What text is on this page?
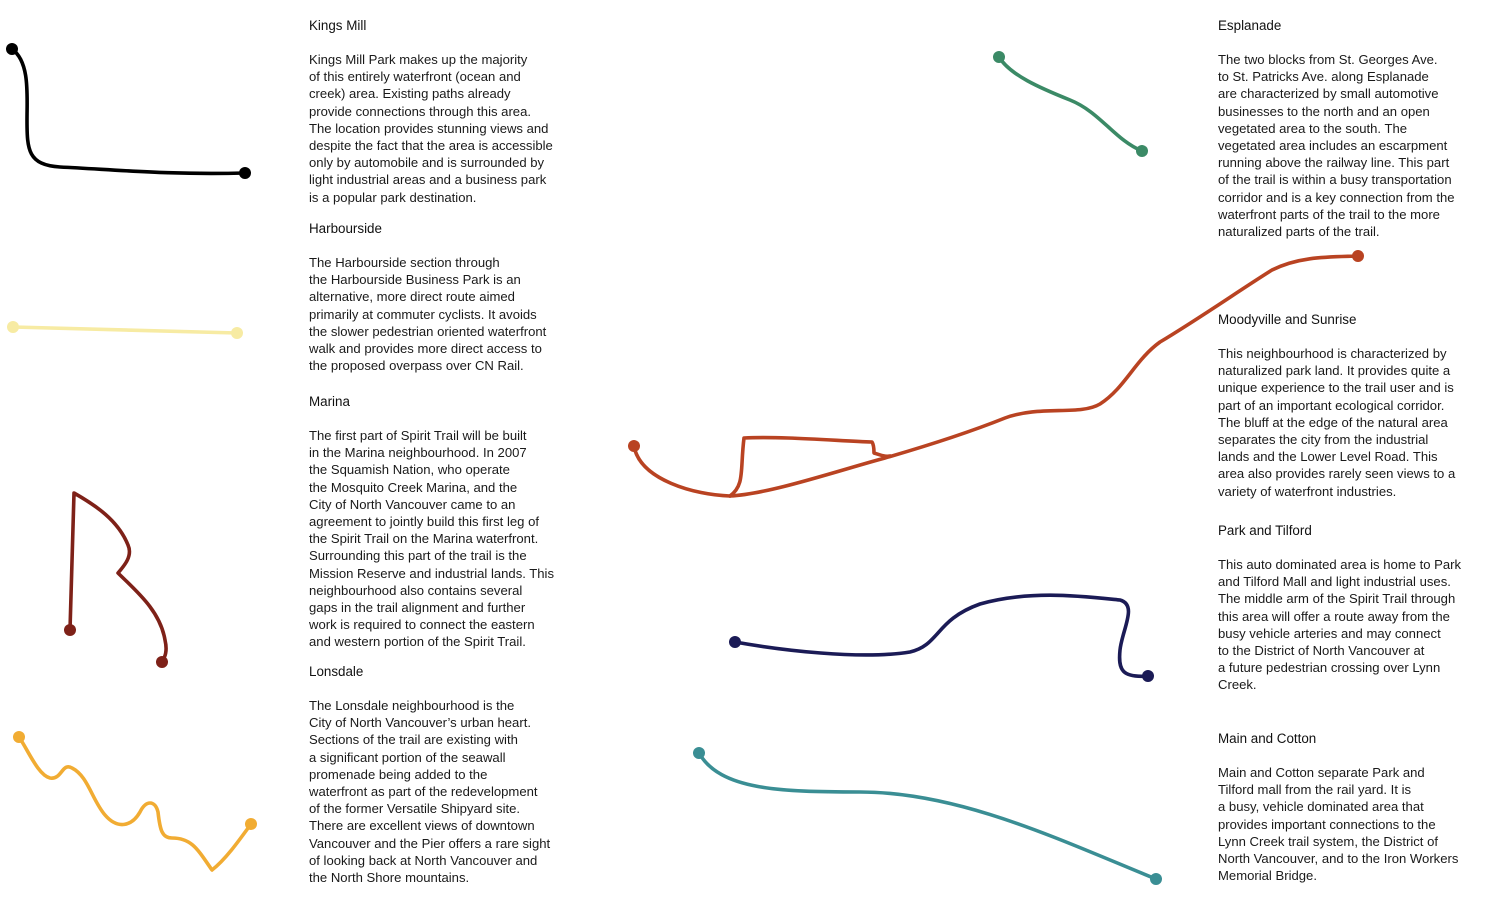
Kings Mill

Kings Mill Park makes up the majority
of this entirely waterfront (ocean and
creek) area. Existing paths already
provide connections through this area.
The location provides stunning views and
despite the fact that the area is accessible
only by automobile and is surrounded by
light industrial areas and a business park
is a popular park destination.

Harbourside

The Harbourside section through
the Harbourside Business Park is an
alternative, more direct route aimed
primarily at commuter cyclists. It avoids
the slower pedestrian oriented waterfront
walk and provides more direct access to
the proposed overpass over CN Rail.

Marina

The first part of Spirit Trail will be built
in the Marina neighbourhood. In 2007
the Squamish Nation, who operate
the Mosquito Creek Marina, and the
City of North Vancouver came to an
agreement to jointly build this first leg of
the Spirit Trail on the Marina waterfront.
Surrounding this part of the trail is the
Mission Reserve and industrial lands. This
neighbourhood also contains several
gaps in the trail alignment and further
work is required to connect the eastern
and western portion of the Spirit Trail.

Lonsdale

The Lonsdale neighbourhood is the
City of North Vancouver’s urban heart.
Sections of the trail are existing with
a significant portion of the seawall
promenade being added to the
waterfront as part of the redevelopment
of the former Versatile Shipyard site.
There are excellent views of downtown
Vancouver and the Pier offers a rare sight
of looking back at North Vancouver and
the North Shore mountains.

Esplanade

The two blocks from St. Georges Ave.
to St. Patricks Ave. along Esplanade
are characterized by small automotive
businesses to the north and an open
vegetated area to the south. The
vegetated area includes an escarpment
running above the railway line. This part
of the trail is within a busy transportation
corridor and is a key connection from the
waterfront parts of the trail to the more
naturalized parts of the trail.

Moodyville and Sunrise

This neighbourhood is characterized by
naturalized park land. It provides quite a
unique experience to the trail user and is
part of an important ecological corridor.
The bluff at the edge of the natural area
separates the city from the industrial
lands and the Lower Level Road. This
area also provides rarely seen views to a
variety of waterfront industries.

Park and Tilford

This auto dominated area is home to Park
and Tilford Mall and light industrial uses.
The middle arm of the Spirit Trail through
this area will offer a route away from the
busy vehicle arteries and may connect
to the District of North Vancouver at
a future pedestrian crossing over Lynn
Creek.

Main and Cotton

Main and Cotton separate Park and
Tilford mall from the rail yard. It is
a busy, vehicle dominated area that
provides important connections to the
Lynn Creek trail system, the District of
North Vancouver, and to the Iron Workers
Memorial Bridge.
